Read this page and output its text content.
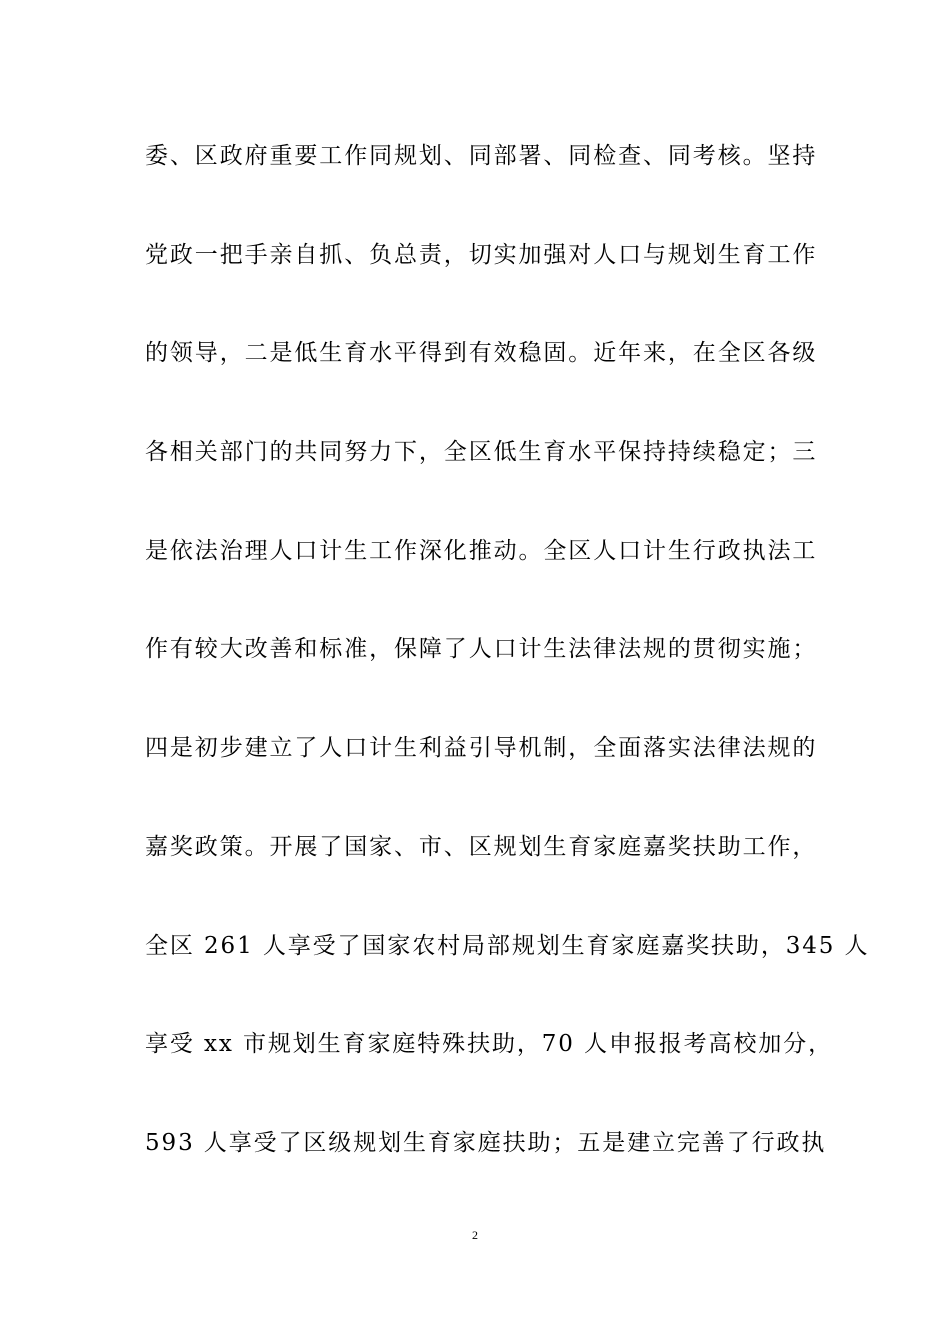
委、区政府重要工作同规划、同部署、同检查、同考核。坚持
党政一把手亲自抓、负总责，切实加强对人口与规划生育工作
的领导，二是低生育水平得到有效稳固。近年来，在全区各级
各相关部门的共同努力下，全区低生育水平保持持续稳定；三
是依法治理人口计生工作深化推动。全区人口计生行政执法工
作有较大改善和标准，保障了人口计生法律法规的贯彻实施；
四是初步建立了人口计生利益引导机制，全面落实法律法规的
嘉奖政策。开展了国家、市、区规划生育家庭嘉奖扶助工作，
全区 261 人享受了国家农村局部规划生育家庭嘉奖扶助，345 人
享受 xx 市规划生育家庭特殊扶助，70 人申报报考高校加分，
593 人享受了区级规划生育家庭扶助；五是建立完善了行政执
2
